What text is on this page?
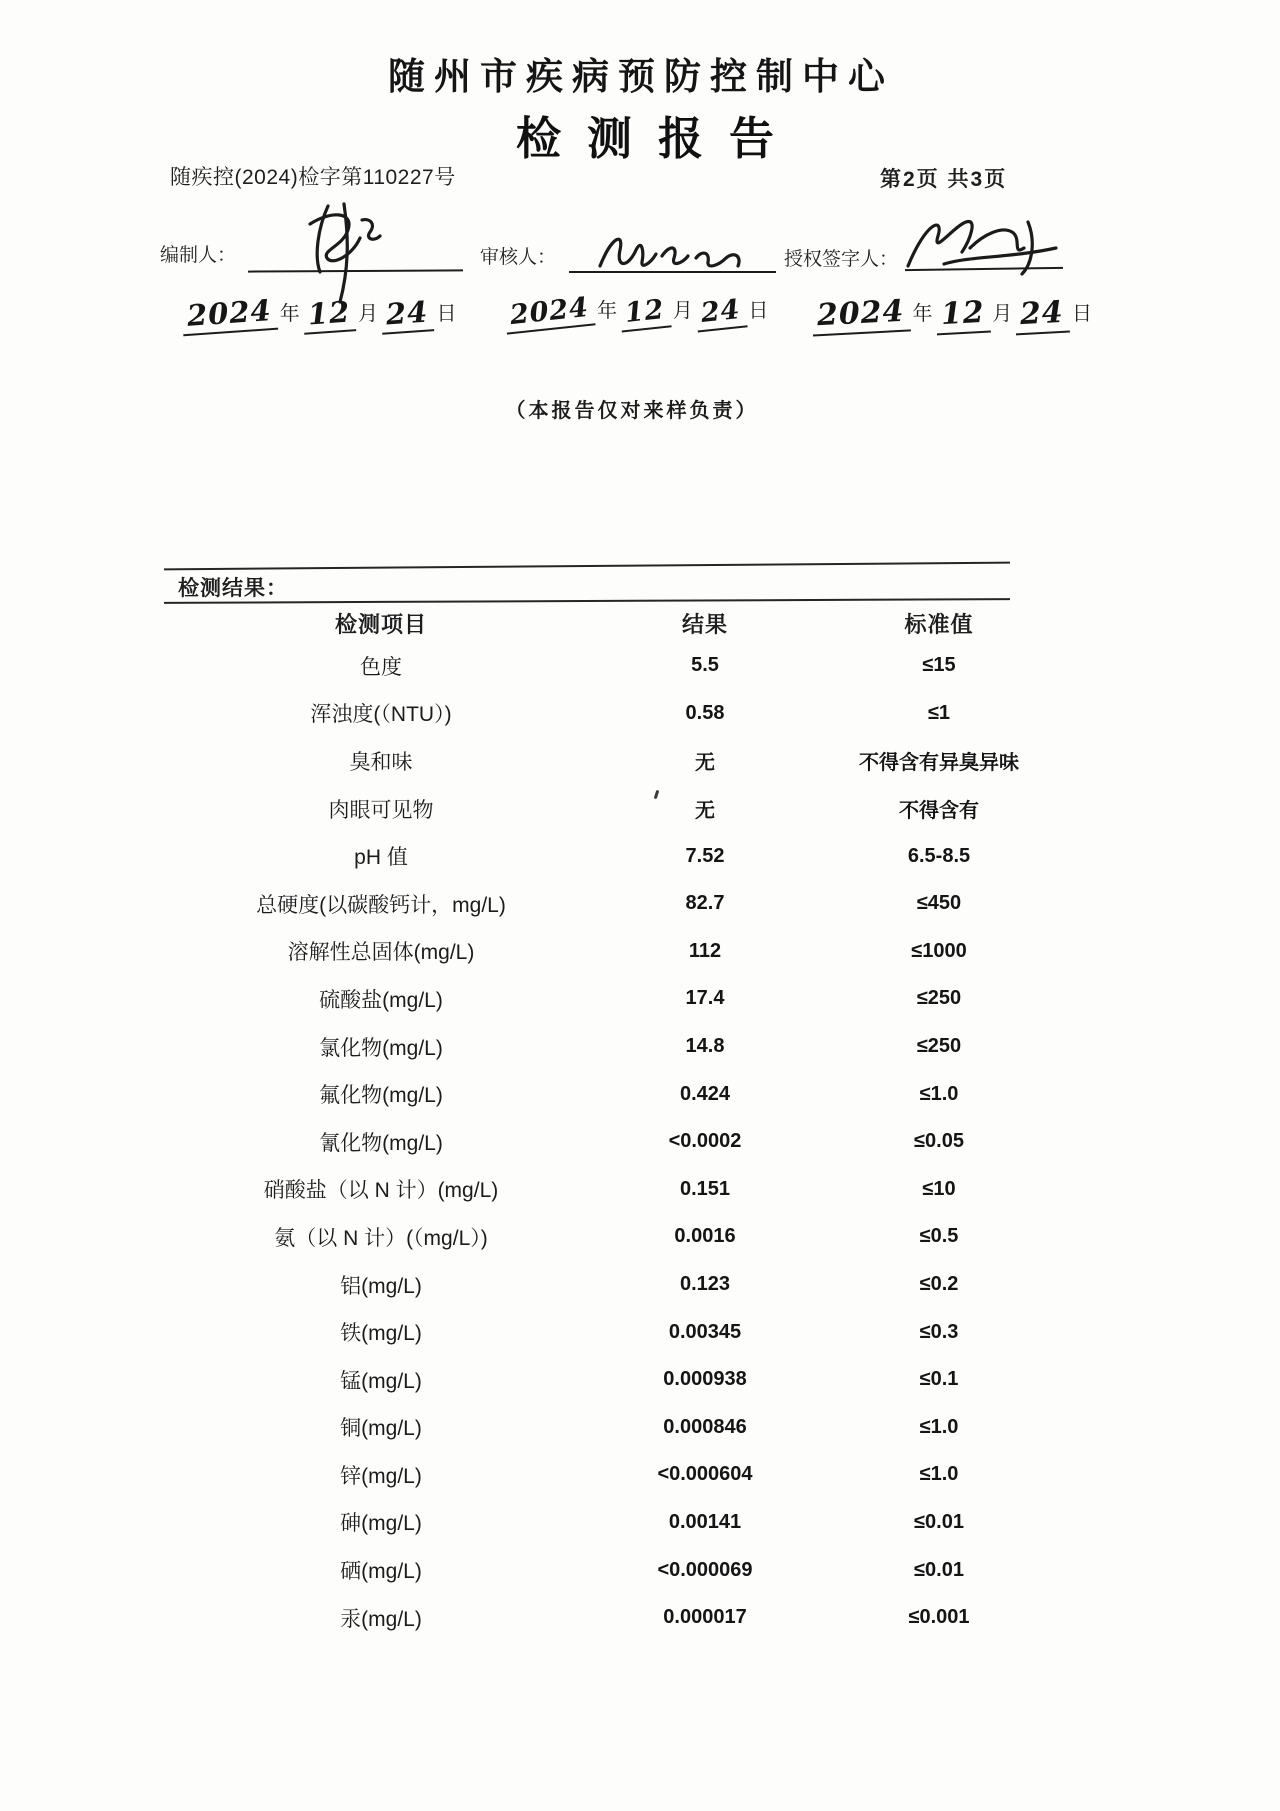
随州市疾病预防控制中心
检测报告
随疾控(2024)检字第110227号	第2页 共3页
编制人：	审核人：	授权签字人：
2024 年 12 月 24 日 2024 年 12 月 24 日 2024 年 12 月 24 日
（本报告仅对来样负责）
检测结果：
检测项目	结果	标准值
色度	5.5	≤15
浑浊度(（NTU）)	0.58	≤1
臭和味	无	不得含有异臭异味
肉眼可见物	无	不得含有
pH 值	7.52	6.5-8.5
总硬度(以碳酸钙计，mg/L)	82.7	≤450
溶解性总固体(mg/L)	112	≤1000
硫酸盐(mg/L)	17.4	≤250
氯化物(mg/L)	14.8	≤250
氟化物(mg/L)	0.424	≤1.0
氰化物(mg/L)	<0.0002	≤0.05
硝酸盐（以 N 计）(mg/L)	0.151	≤10
氨（以 N 计）(（mg/L）)	0.0016	≤0.5
铝(mg/L)	0.123	≤0.2
铁(mg/L)	0.00345	≤0.3
锰(mg/L)	0.000938	≤0.1
铜(mg/L)	0.000846	≤1.0
锌(mg/L)	<0.000604	≤1.0
砷(mg/L)	0.00141	≤0.01
硒(mg/L)	<0.000069	≤0.01
汞(mg/L)	0.000017	≤0.001
